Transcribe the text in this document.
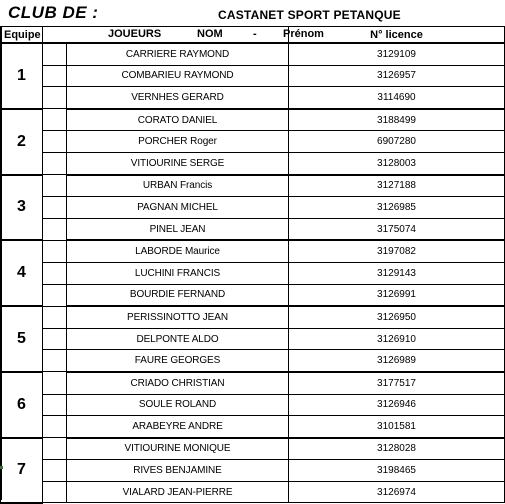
CLUB DE :	CASTANET SPORT PETANQUE
Equipe	JOUEURS NOM - Prénom		N° licence
1		CARRIERE RAYMOND	3129109
		COMBARIEU RAYMOND	3126957
		VERNHES GERARD	3114690
2		CORATO DANIEL	3188499
		PORCHER Roger	6907280
		VITIOURINE SERGE	3128003
3		URBAN Francis	3127188
		PAGNAN MICHEL	3126985
		PINEL JEAN	3175074
4		LABORDE Maurice	3197082
		LUCHINI FRANCIS	3129143
		BOURDIE FERNAND	3126991
5		PERISSINOTTO JEAN	3126950
		DELPONTE ALDO	3126910
		FAURE GEORGES	3126989
6		CRIADO CHRISTIAN	3177517
		SOULE ROLAND	3126946
		ARABEYRE ANDRE	3101581
7		VITIOURINE MONIQUE	3128028
		RIVES BENJAMINE	3198465
		VIALARD JEAN-PIERRE	3126974
